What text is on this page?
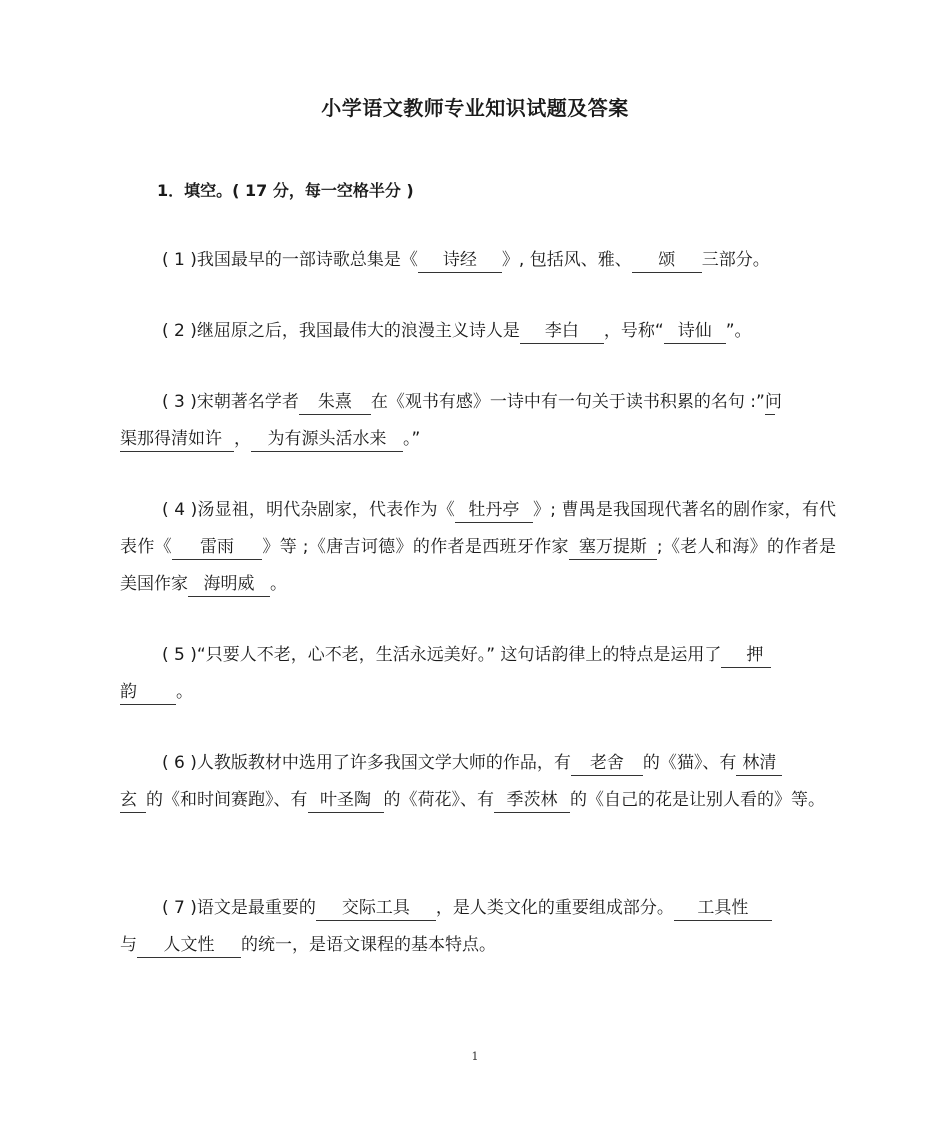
小学语文教师专业知识试题及答案
1．填空。( 17 分，每一空格半分 )
( 1 )我国最早的一部诗歌总集是《 诗经 》, 包括风、雅、 颂 三部分。
( 2 )继屈原之后，我国最伟大的浪漫主义诗人是 李白 ，号称“ 诗仙 ”。
( 3 )宋朝著名学者 朱熹 在《观书有感》一诗中有一句关于读书积累的名句 :”问
渠那得清如许 ， 为有源头活水来 。”
( 4 )汤显祖，明代杂剧家，代表作为《 牡丹亭 》; 曹禺是我国现代著名的剧作家，有代表作《 雷雨 》等 ;《唐吉诃德》的作者是西班牙作家 塞万提斯 ;《老人和海》的作者是美国作家 海明威 。
( 5 )“只要人不老，心不老，生活永远美好。” 这句话韵律上的特点是运用了 押
韵 。
( 6 )人教版教材中选用了许多我国文学大师的作品，有 老舍 的《猫》、有 林清
玄 的《和时间赛跑》、有 叶圣陶 的《荷花》、有 季茨林 的《自己的花是让别人看的》等。
( 7 )语文是最重要的 交际工具 ，是人类文化的重要组成部分。 工具性
与 人文性 的统一，是语文课程的基本特点。
1
